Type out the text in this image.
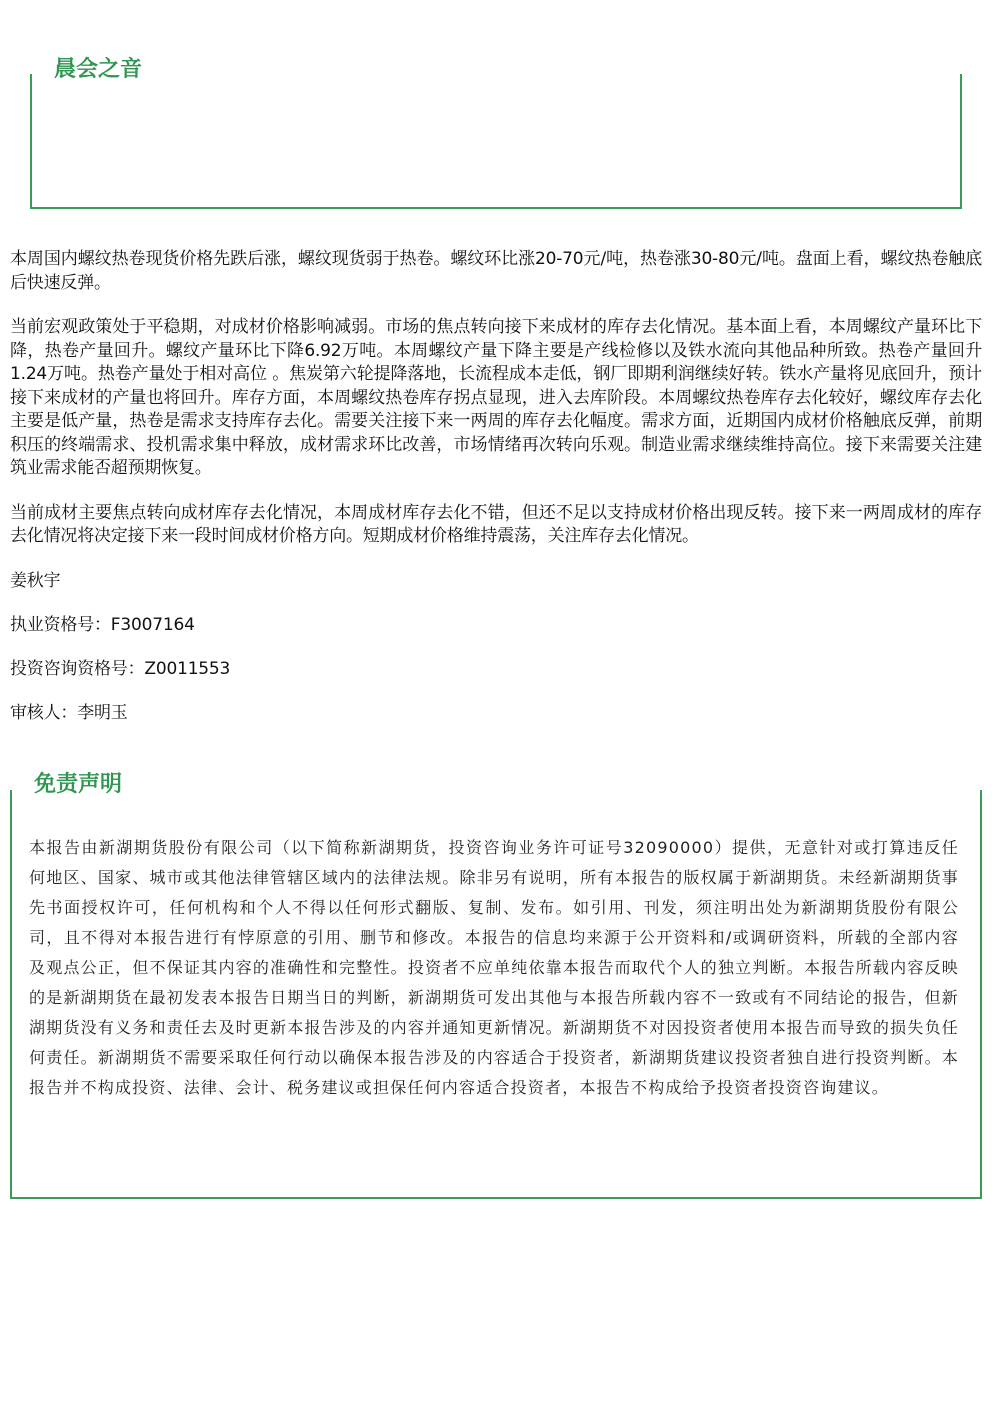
晨会之音

本周国内螺纹热卷现货价格先跌后涨，螺纹现货弱于热卷。螺纹环比涨20-70元/吨，热卷涨30-80元/吨。盘面上看，螺纹热卷触底后快速反弹。

当前宏观政策处于平稳期，对成材价格影响减弱。市场的焦点转向接下来成材的库存去化情况。基本面上看，本周螺纹产量环比下降，热卷产量回升。螺纹产量环比下降6.92万吨。本周螺纹产量下降主要是产线检修以及铁水流向其他品种所致。热卷产量回升1.24万吨。热卷产量处于相对高位 。焦炭第六轮提降落地，长流程成本走低，钢厂即期利润继续好转。铁水产量将见底回升，预计接下来成材的产量也将回升。库存方面，本周螺纹热卷库存拐点显现，进入去库阶段。本周螺纹热卷库存去化较好，螺纹库存去化主要是低产量，热卷是需求支持库存去化。需要关注接下来一两周的库存去化幅度。需求方面，近期国内成材价格触底反弹，前期积压的终端需求、投机需求集中释放，成材需求环比改善，市场情绪再次转向乐观。制造业需求继续维持高位。接下来需要关注建筑业需求能否超预期恢复。

当前成材主要焦点转向成材库存去化情况，本周成材库存去化不错，但还不足以支持成材价格出现反转。接下来一两周成材的库存去化情况将决定接下来一段时间成材价格方向。短期成材价格维持震荡，关注库存去化情况。

姜秋宇

执业资格号：F3007164

投资咨询资格号：Z0011553

审核人：李明玉

免责声明

本报告由新湖期货股份有限公司（以下简称新湖期货，投资咨询业务许可证号32090000）提供，无意针对或打算违反任何地区、国家、城市或其他法律管辖区域内的法律法规。除非另有说明，所有本报告的版权属于新湖期货。未经新湖期货事先书面授权许可，任何机构和个人不得以任何形式翻版、复制、发布。如引用、刊发，须注明出处为新湖期货股份有限公司，且不得对本报告进行有悖原意的引用、删节和修改。本报告的信息均来源于公开资料和/或调研资料，所载的全部内容及观点公正，但不保证其内容的准确性和完整性。投资者不应单纯依靠本报告而取代个人的独立判断。本报告所载内容反映的是新湖期货在最初发表本报告日期当日的判断，新湖期货可发出其他与本报告所载内容不一致或有不同结论的报告，但新湖期货没有义务和责任去及时更新本报告涉及的内容并通知更新情况。新湖期货不对因投资者使用本报告而导致的损失负任何责任。新湖期货不需要采取任何行动以确保本报告涉及的内容适合于投资者，新湖期货建议投资者独自进行投资判断。本报告并不构成投资、法律、会计、税务建议或担保任何内容适合投资者，本报告不构成给予投资者投资咨询建议。
